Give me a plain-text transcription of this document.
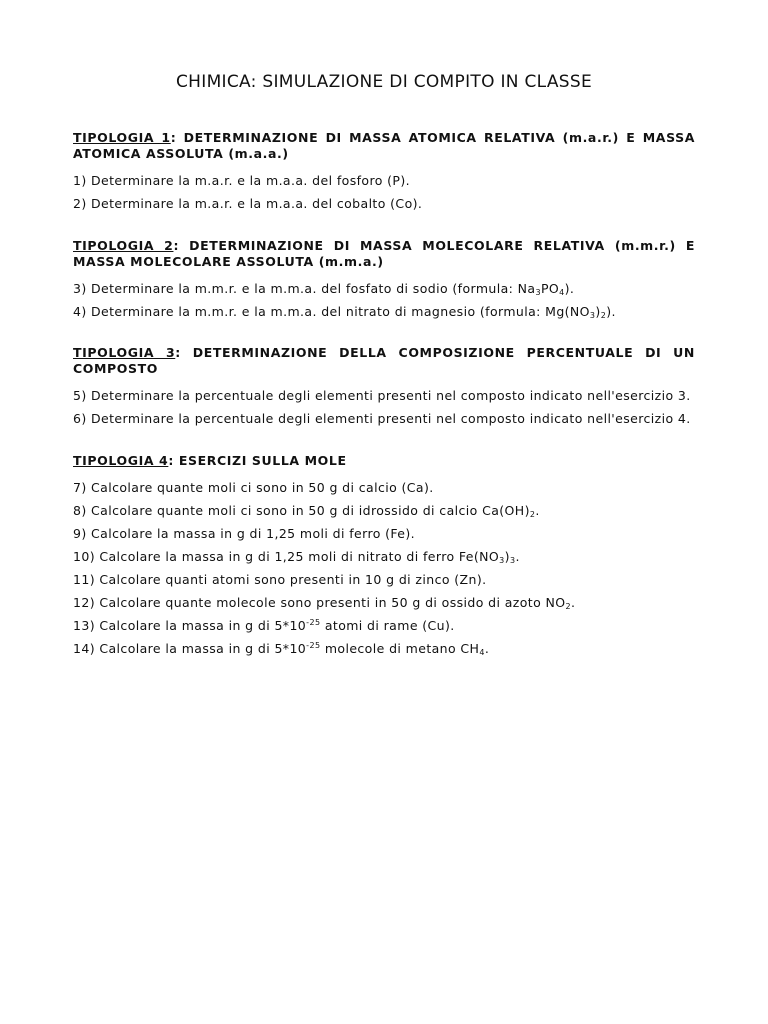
CHIMICA: SIMULAZIONE DI COMPITO IN CLASSE
TIPOLOGIA 1: DETERMINAZIONE DI MASSA ATOMICA RELATIVA (m.a.r.) E MASSA ATOMICA ASSOLUTA (m.a.a.)
1) Determinare la m.a.r. e la m.a.a. del fosforo (P).
2) Determinare la m.a.r. e la m.a.a. del cobalto (Co).
TIPOLOGIA 2: DETERMINAZIONE DI MASSA MOLECOLARE RELATIVA (m.m.r.) E MASSA MOLECOLARE ASSOLUTA (m.m.a.)
3) Determinare la m.m.r. e la m.m.a. del fosfato di sodio (formula: $Na_3PO_4$).
4) Determinare la m.m.r. e la m.m.a. del nitrato di magnesio (formula: $Mg(NO_3)_2$).
TIPOLOGIA 3: DETERMINAZIONE DELLA COMPOSIZIONE PERCENTUALE DI UN COMPOSTO
5) Determinare la percentuale degli elementi presenti nel composto indicato nell'esercizio 3.
6) Determinare la percentuale degli elementi presenti nel composto indicato nell'esercizio 4.
TIPOLOGIA 4: ESERCIZI SULLA MOLE
7) Calcolare quante moli ci sono in 50 g di calcio (Ca).
8) Calcolare quante moli ci sono in 50 g di idrossido di calcio $Ca(OH)_2$.
9) Calcolare la massa in g di 1,25 moli di ferro (Fe).
10) Calcolare la massa in g di 1,25 moli di nitrato di ferro $Fe(NO_3)_3$.
11) Calcolare quanti atomi sono presenti in 10 g di zinco (Zn).
12) Calcolare quante molecole sono presenti in 50 g di ossido di azoto $NO_2$.
13) Calcolare la massa in g di $5*10^{-25}$ atomi di rame (Cu).
14) Calcolare la massa in g di $5*10^{-25}$ molecole di metano $CH_4$.
